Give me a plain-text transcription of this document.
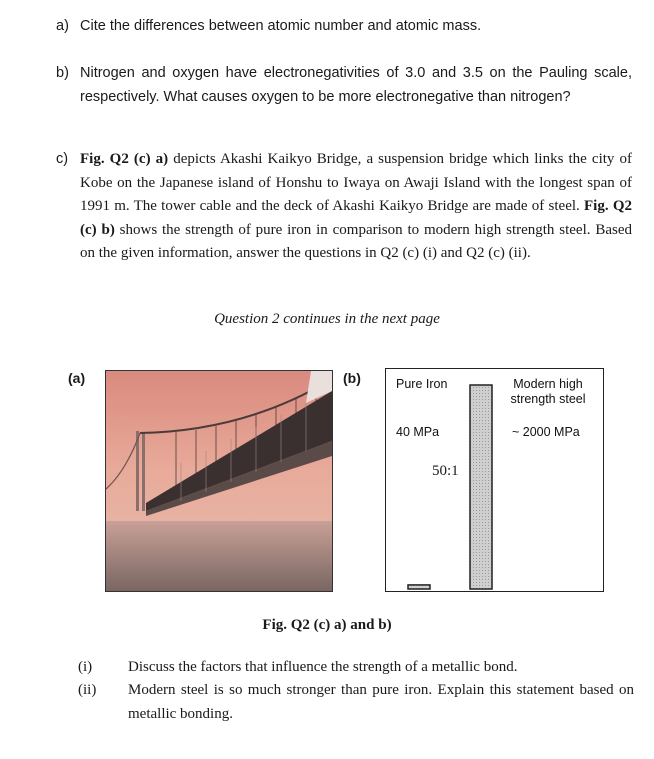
a) Cite the differences between atomic number and atomic mass.
b) Nitrogen and oxygen have electronegativities of 3.0 and 3.5 on the Pauling scale, respectively. What causes oxygen to be more electronegative than nitrogen?
c) Fig. Q2 (c) a) depicts Akashi Kaikyo Bridge, a suspension bridge which links the city of Kobe on the Japanese island of Honshu to Iwaya on Awaji Island with the longest span of 1991 m. The tower cable and the deck of Akashi Kaikyo Bridge are made of steel. Fig. Q2 (c) b) shows the strength of pure iron in comparison to modern high strength steel. Based on the given information, answer the questions in Q2 (c) (i) and Q2 (c) (ii).
Question 2 continues in the next page
(a)	(b)	Pure Iron	Modern high
strength steel
40 MPa	~ 2000 MPa
50:1
Fig. Q2 (c) a) and b)
(i) Discuss the factors that influence the strength of a metallic bond.
(ii) Modern steel is so much stronger than pure iron. Explain this statement based on metallic bonding.
